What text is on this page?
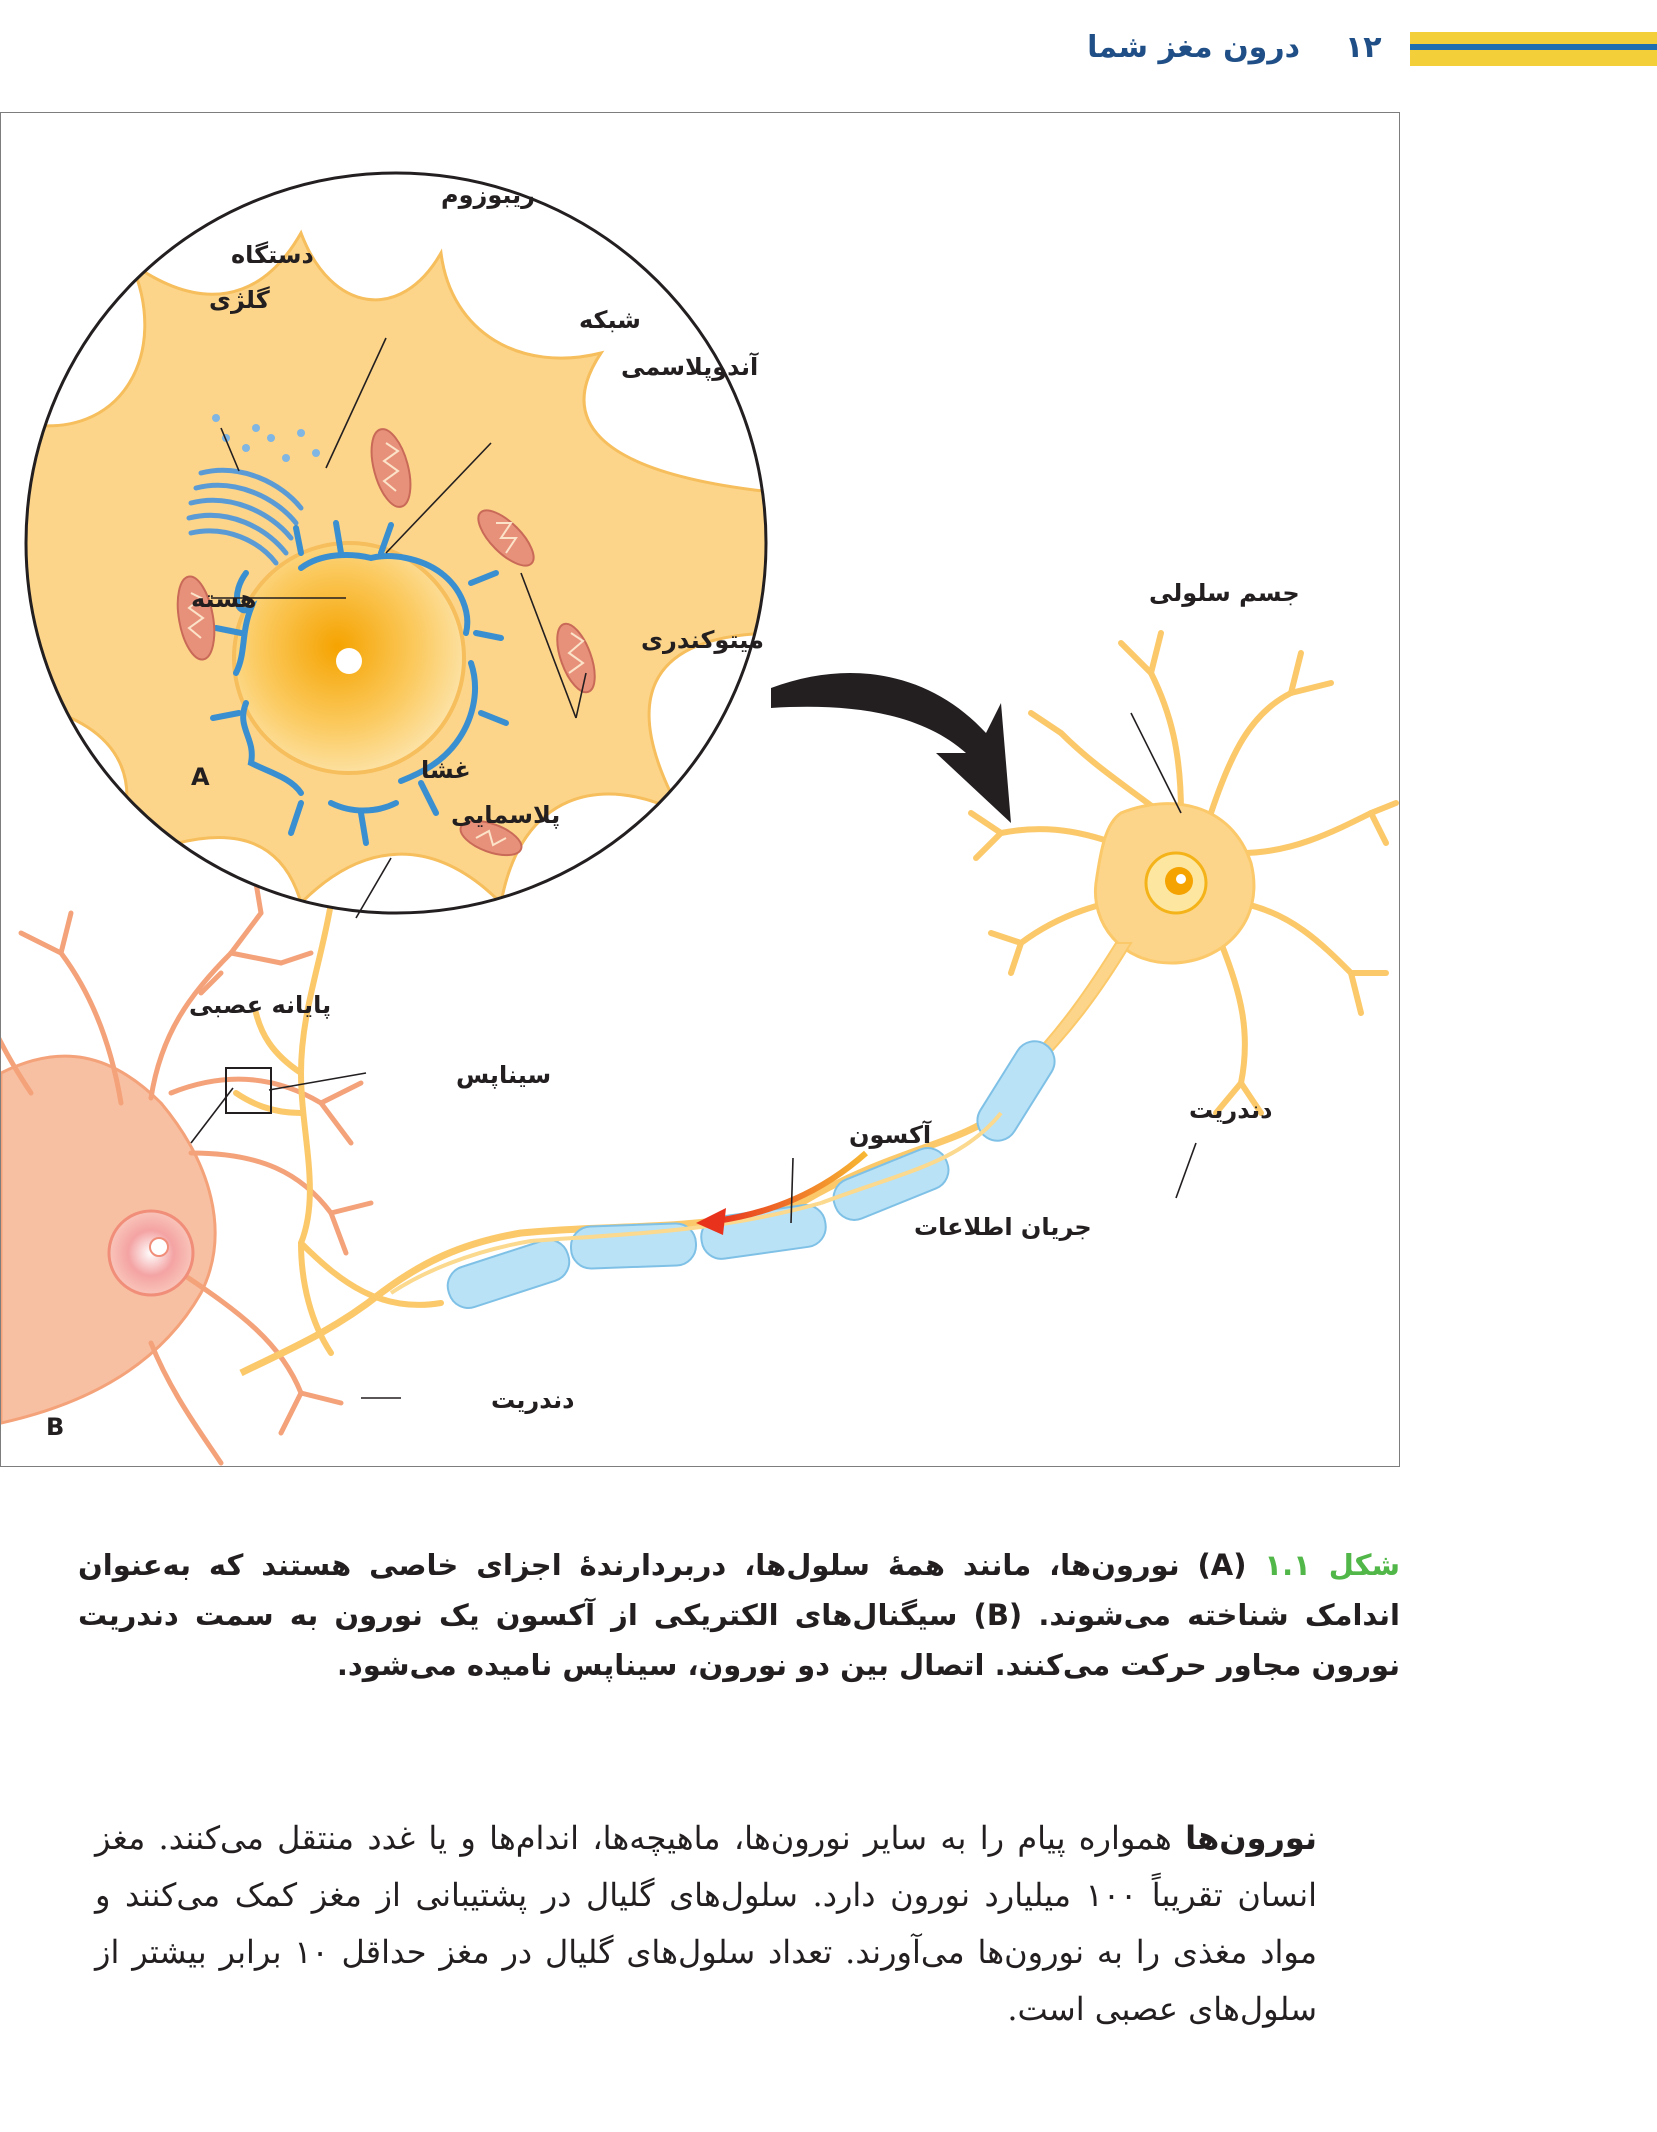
١٢
درون مغز شما
ریبوزوم
دستگاه
گلژی
شبکه
آندوپلاسمی
هسته
میتوکندری
غشا
پلاسمایی
جسم سلولی
آکسون
دندریت
پایانه عصبی
سیناپس
جریان اطلاعات
دندریت
A
B
شکل ١.١ (A) نورون‌ها، مانند همهٔ سلول‌ها، دربردارندهٔ اجزای خاصی هستند که به‌عنوان اندامک شناخته می‌شوند. (B) سیگنال‌های الکتریکی از آکسون یک نورون به سمت دندریت نورون مجاور حرکت می‌کنند. اتصال بین دو نورون، سیناپس نامیده می‌شود.
نورون‌ها همواره پیام را به سایر نورون‌ها، ماهیچه‌ها، اندام‌ها و یا غدد منتقل می‌کنند. مغز انسان تقریباً ١٠٠ میلیارد نورون دارد. سلول‌های گلیال در پشتیبانی از مغز کمک می‌کنند و مواد مغذی را به نورون‌ها می‌آورند. تعداد سلول‌های گلیال در مغز حداقل ١٠ برابر بیشتر از سلول‌های عصبی است.
